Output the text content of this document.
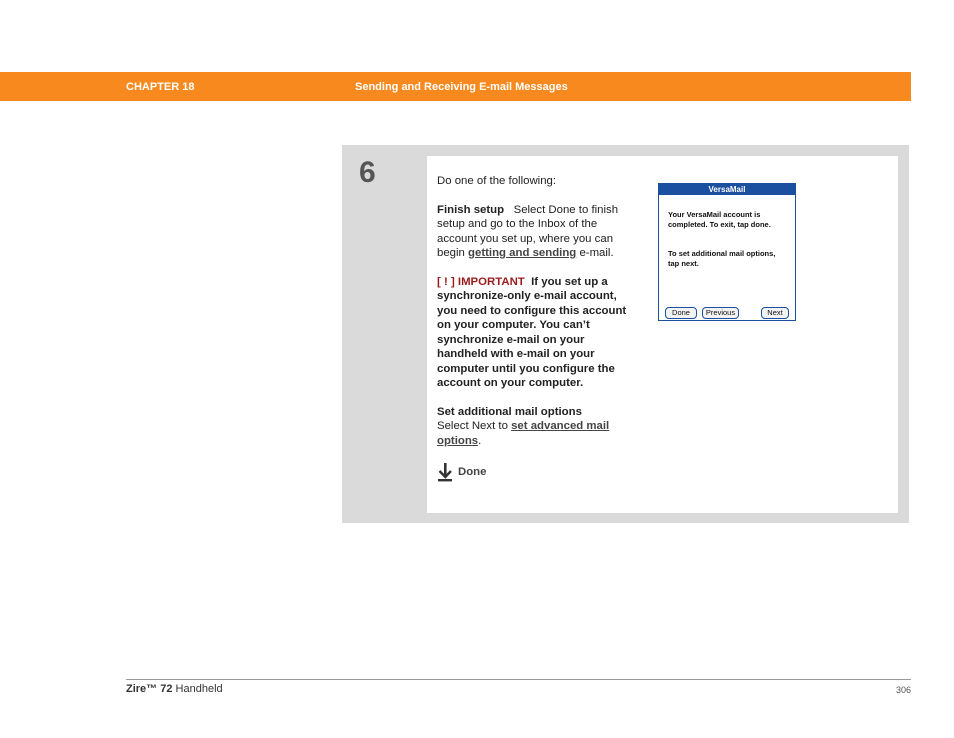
CHAPTER 18	Sending and Receiving E-mail Messages
6	Do one of the following:

Finish setup Select Done to finish setup and go to the Inbox of the account you set up, where you can begin getting and sending e-mail.

[ ! ] IMPORTANT If you set up a synchronize-only e-mail account, you need to configure this account on your computer. You can’t synchronize e-mail on your handheld with e-mail on your computer until you configure the account on your computer.

Set additional mail options
Select Next to set advanced mail options.

Done
VersaMail
Your VersaMail account is completed. To exit, tap done.
To set additional mail options, tap next.
Done	Previous	Next
Zire™ 72 Handheld	306
